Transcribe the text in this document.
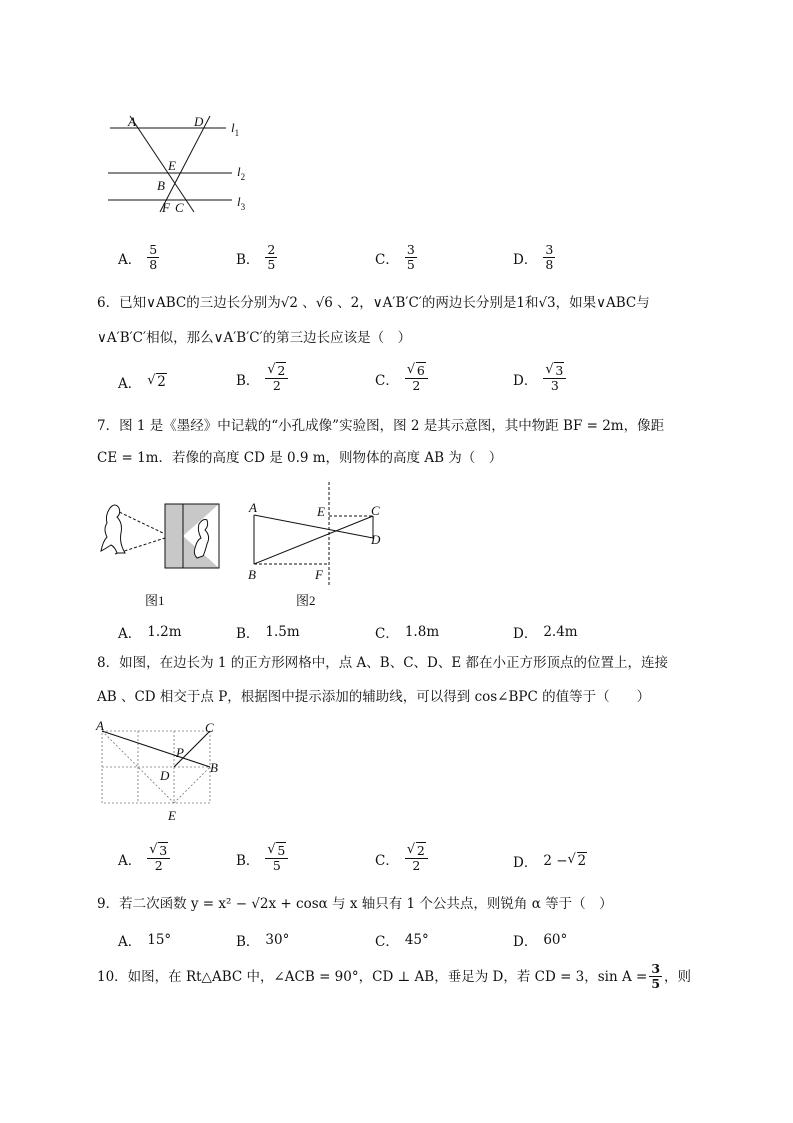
A	D $l_1$
E	$l_2$
B
$l_3$
F C
A． $\frac{5}{8}$	B． $\frac{2}{5}$	C． $\frac{3}{5}$	D． $\frac{3}{8}$
6．已知∨ABC的三边长分别为√2 、√6 、2，∨A′B′C′的两边长分别是1和√3，如果∨ABC与
∨A′B′C′相似，那么∨A′B′C′的第三边长应该是（　）
A．	√ 2	B． √ $\frac{2}{2}$	C． √ $\frac{6}{2}$	D． √ $\frac{3}{3}$
7．图 1 是《墨经》中记载的“小孔成像”实验图，图 2 是其示意图，其中物距 BF = 2m，像距
CE = 1m．若像的高度 CD 是 0.9 m，则物体的高度 AB 为（　）
图1
A	E	C
D
B	F
图2
A． 1.2m	B． 1.5m	C． 1.8m	D． 2.4m
8．如图，在边长为 1 的正方形网格中，点 A、B、C、D、E 都在小正方形顶点的位置上，连接
AB 、CD 相交于点 P，根据图中提示添加的辅助线，可以得到 cos∠BPC 的值等于（　　）
A	C
P
D
B
E
A． √ $\frac{3}{2}$	B． √ $\frac{5}{5}$	C． √ $\frac{2}{2}$	D． 2 − √ 2
9．若二次函数 y = x² − √2x + cosα 与 x 轴只有 1 个公共点，则锐角 α 等于（　）
A． 15°	B． 30°	C． 45°	D． 60°
10．如图，在 Rt△ABC 中，∠ACB = 90°，CD ⊥ AB，垂足为 D，若 CD = 3，$\sin A = \frac{3}{5}$ ，则
